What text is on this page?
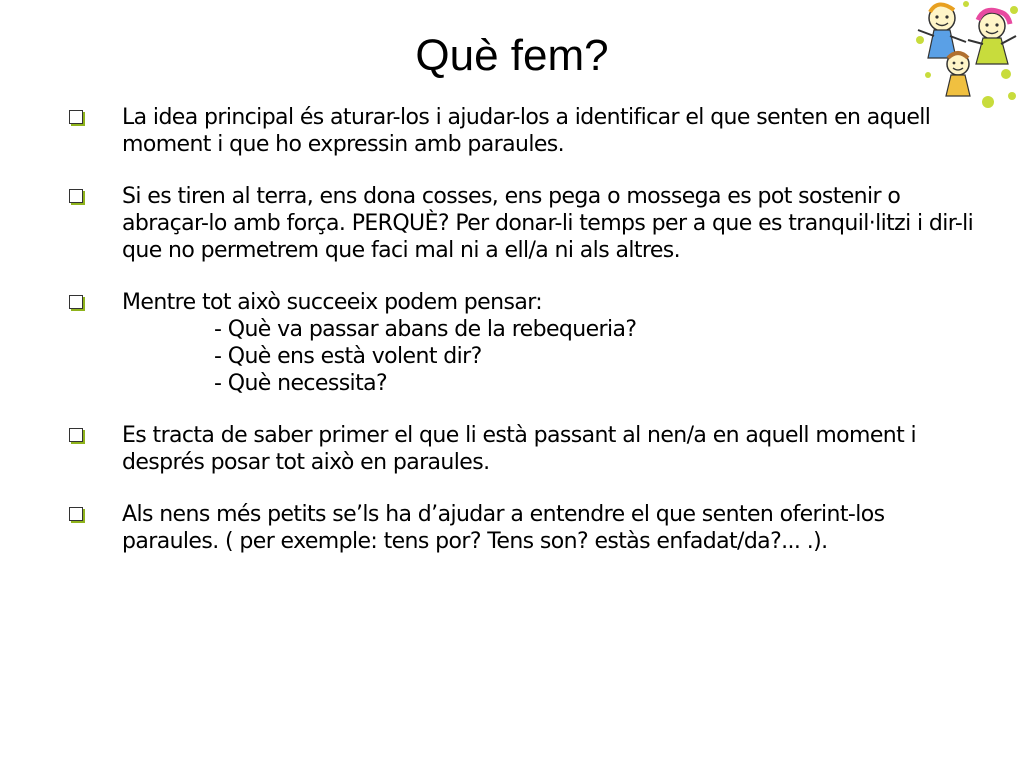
Què fem?
La idea principal és aturar-los i ajudar-los a identificar el que senten en aquell moment i que ho expressin amb paraules.
Si es tiren al terra, ens dona cosses, ens pega o mossega es pot sostenir o abraçar-lo amb força. PERQUÈ? Per donar-li temps per a que es tranquil·litzi i dir-li que no permetrem que faci mal ni a ell/a ni als altres.
Mentre tot això succeeix podem pensar:
- Què va passar abans de la rebequeria?
- Què ens està volent dir?
- Què necessita?
Es tracta de saber primer el que li està passant al nen/a en aquell moment i després posar tot això en paraules.
Als nens més petits se’ls ha d’ajudar a entendre el que senten oferint-los paraules. ( per exemple: tens por? Tens son? estàs enfadat/da?... .).
